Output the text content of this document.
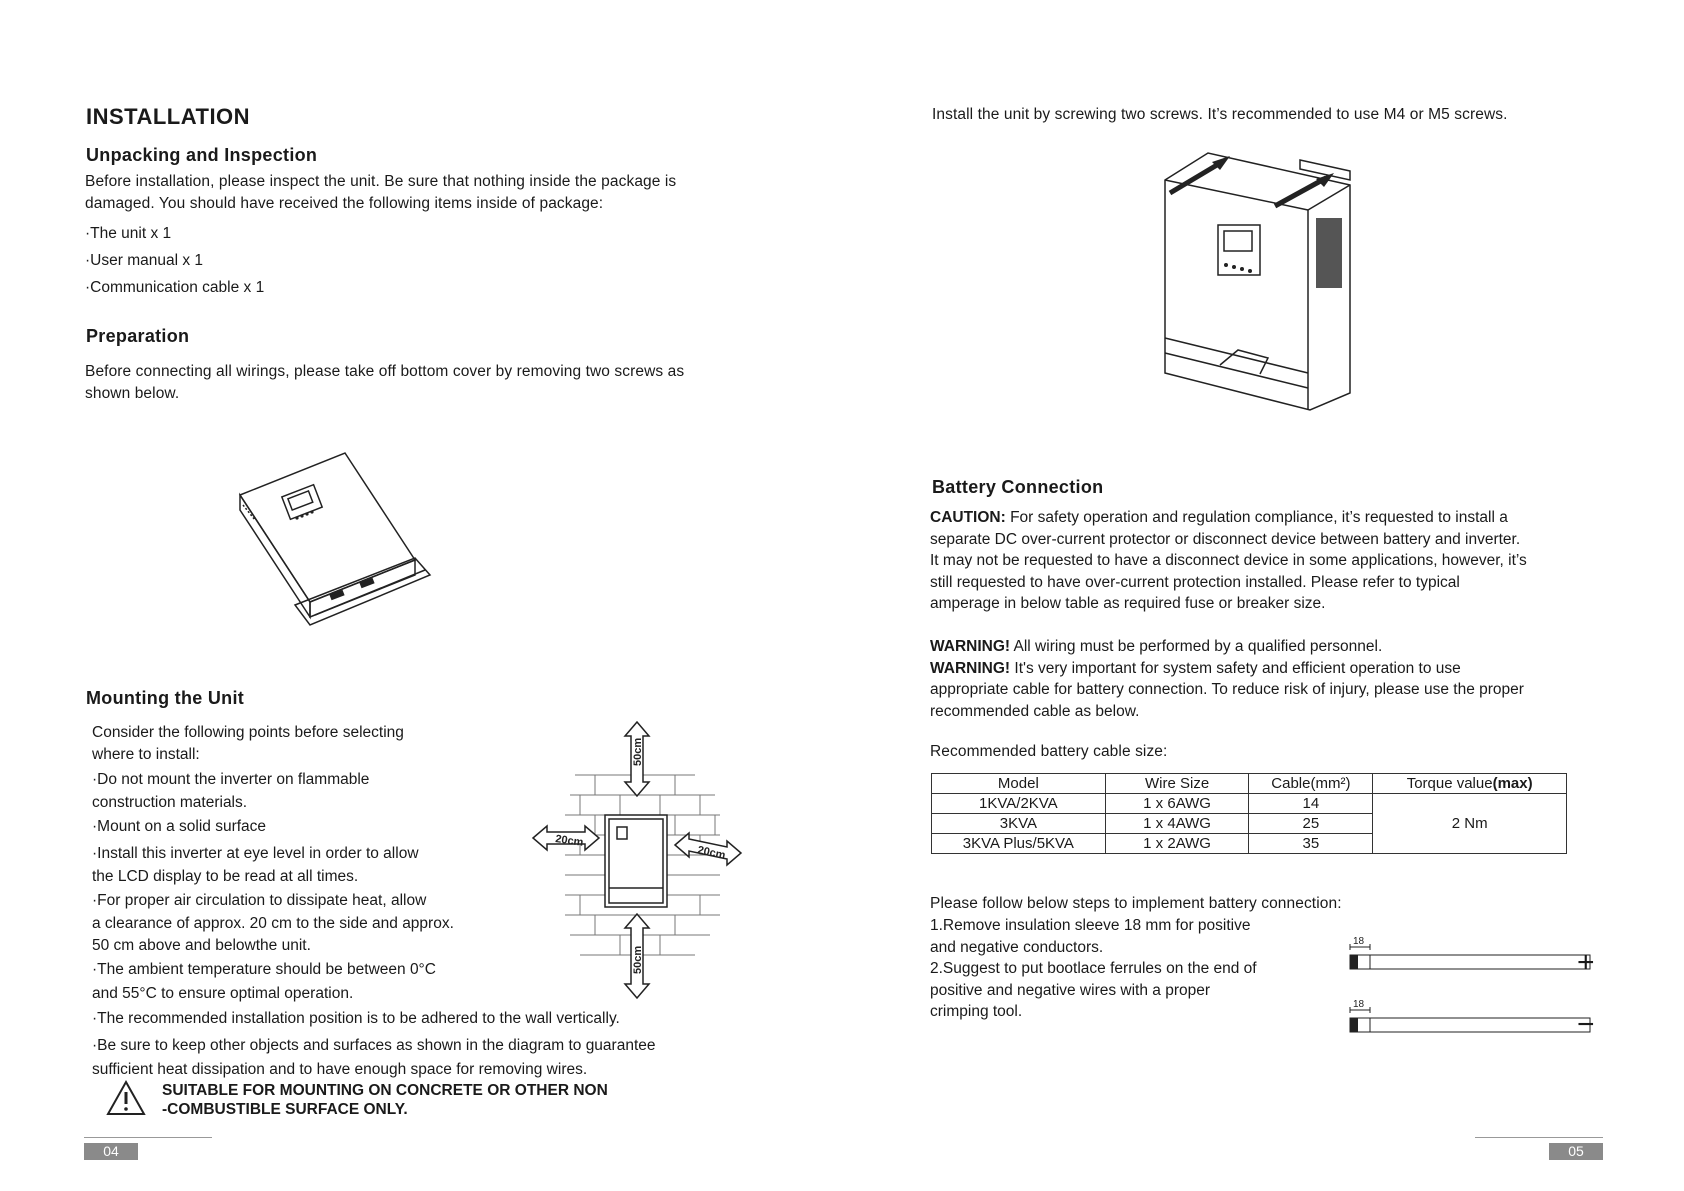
INSTALLATION
Unpacking and Inspection
Before installation, please inspect the unit. Be sure that nothing inside the package is
damaged. You should have received the following items inside of package:
·The unit x 1
·User manual x 1
·Communication cable x 1
Preparation
Before connecting all wirings, please take off bottom cover by removing two screws as
shown below.
Mounting the Unit
Consider the following points before selecting
where to install:
·Do not mount the inverter on flammable
construction materials.
·Mount on a solid surface
·Install this inverter at eye level in order to allow
the LCD display to be read at all times.
·For proper air circulation to dissipate heat, allow
a clearance of approx. 20 cm to the side and approx.
50 cm above and belowthe unit.
·The ambient temperature should be between 0°C
and 55°C to ensure optimal operation.
·The recommended installation position is to be adhered to the wall vertically.
·Be sure to keep other objects and surfaces as shown in the diagram to guarantee
sufficient heat dissipation and to have enough space for removing wires.
50cm
50cm
20cm
20cm
SUITABLE FOR MOUNTING ON CONCRETE OR OTHER NON
-COMBUSTIBLE SURFACE ONLY.
04
Install the unit by screwing two screws. It’s recommended to use M4 or M5 screws.
Battery Connection
CAUTION: For safety operation and regulation compliance, it’s requested to install a
separate DC over-current protector or disconnect device between battery and inverter.
It may not be requested to have a disconnect device in some applications, however, it’s
still requested to have over-current protection installed. Please refer to typical
amperage in below table as required fuse or breaker size.
WARNING! All wiring must be performed by a qualified personnel.
WARNING! It's very important for system safety and efficient operation to use
appropriate cable for battery connection. To reduce risk of injury, please use the proper
recommended cable as below.
Recommended battery cable size:
Model	Wire Size	Cable(mm²)	Torque value(max)
1KVA/2KVA	1 x 6AWG	14	2 Nm
3KVA	1 x 4AWG	25	
3KVA Plus/5KVA	1 x 2AWG	35	
Please follow below steps to implement battery connection:
1.Remove insulation sleeve 18 mm for positive
and negative conductors.
2.Suggest to put bootlace ferrules on the end of
positive and negative wires with a proper
crimping tool.
18
18
+
−
05
